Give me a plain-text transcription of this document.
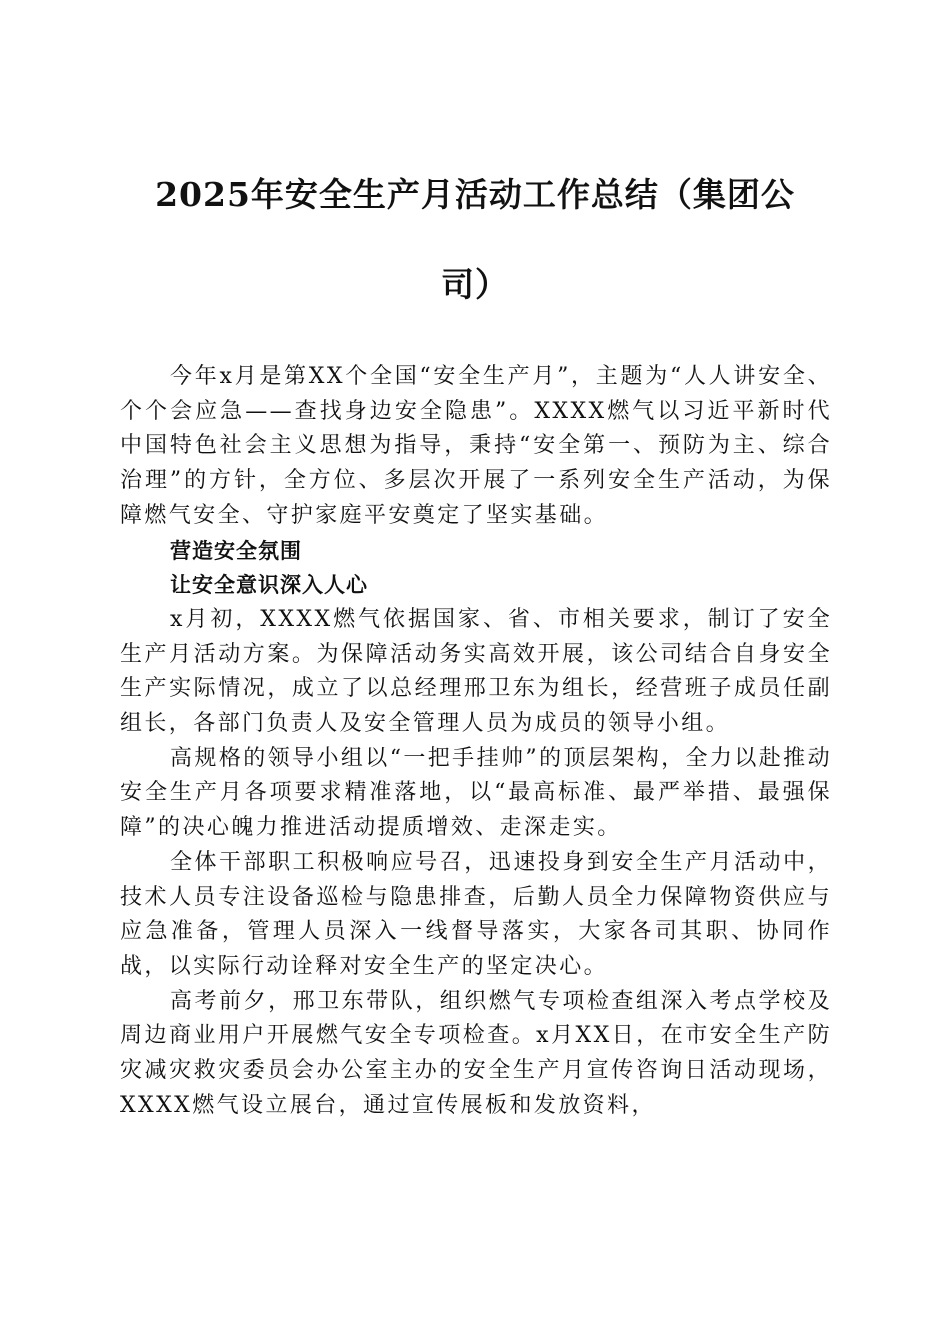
2025年安全生产月活动工作总结（集团公
司）

今年x月是第XX个全国“安全生产月”，主题为“人人讲安全、个个会应急——查找身边安全隐患”。XXXX燃气以习近平新时代中国特色社会主义思想为指导，秉持“安全第一、预防为主、综合治理”的方针，全方位、多层次开展了一系列安全生产活动，为保障燃气安全、守护家庭平安奠定了坚实基础。

营造安全氛围

让安全意识深入人心

x月初，XXXX燃气依据国家、省、市相关要求，制订了安全生产月活动方案。为保障活动务实高效开展，该公司结合自身安全生产实际情况，成立了以总经理邢卫东为组长，经营班子成员任副组长，各部门负责人及安全管理人员为成员的领导小组。

高规格的领导小组以“一把手挂帅”的顶层架构，全力以赴推动安全生产月各项要求精准落地，以“最高标准、最严举措、最强保障”的决心魄力推进活动提质增效、走深走实。

全体干部职工积极响应号召，迅速投身到安全生产月活动中，技术人员专注设备巡检与隐患排查，后勤人员全力保障物资供应与应急准备，管理人员深入一线督导落实，大家各司其职、协同作战，以实际行动诠释对安全生产的坚定决心。

高考前夕，邢卫东带队，组织燃气专项检查组深入考点学校及周边商业用户开展燃气安全专项检查。x月XX日，在市安全生产防灾减灾救灾委员会办公室主办的安全生产月宣传咨询日活动现场，XXXX燃气设立展台，通过宣传展板和发放资料，
